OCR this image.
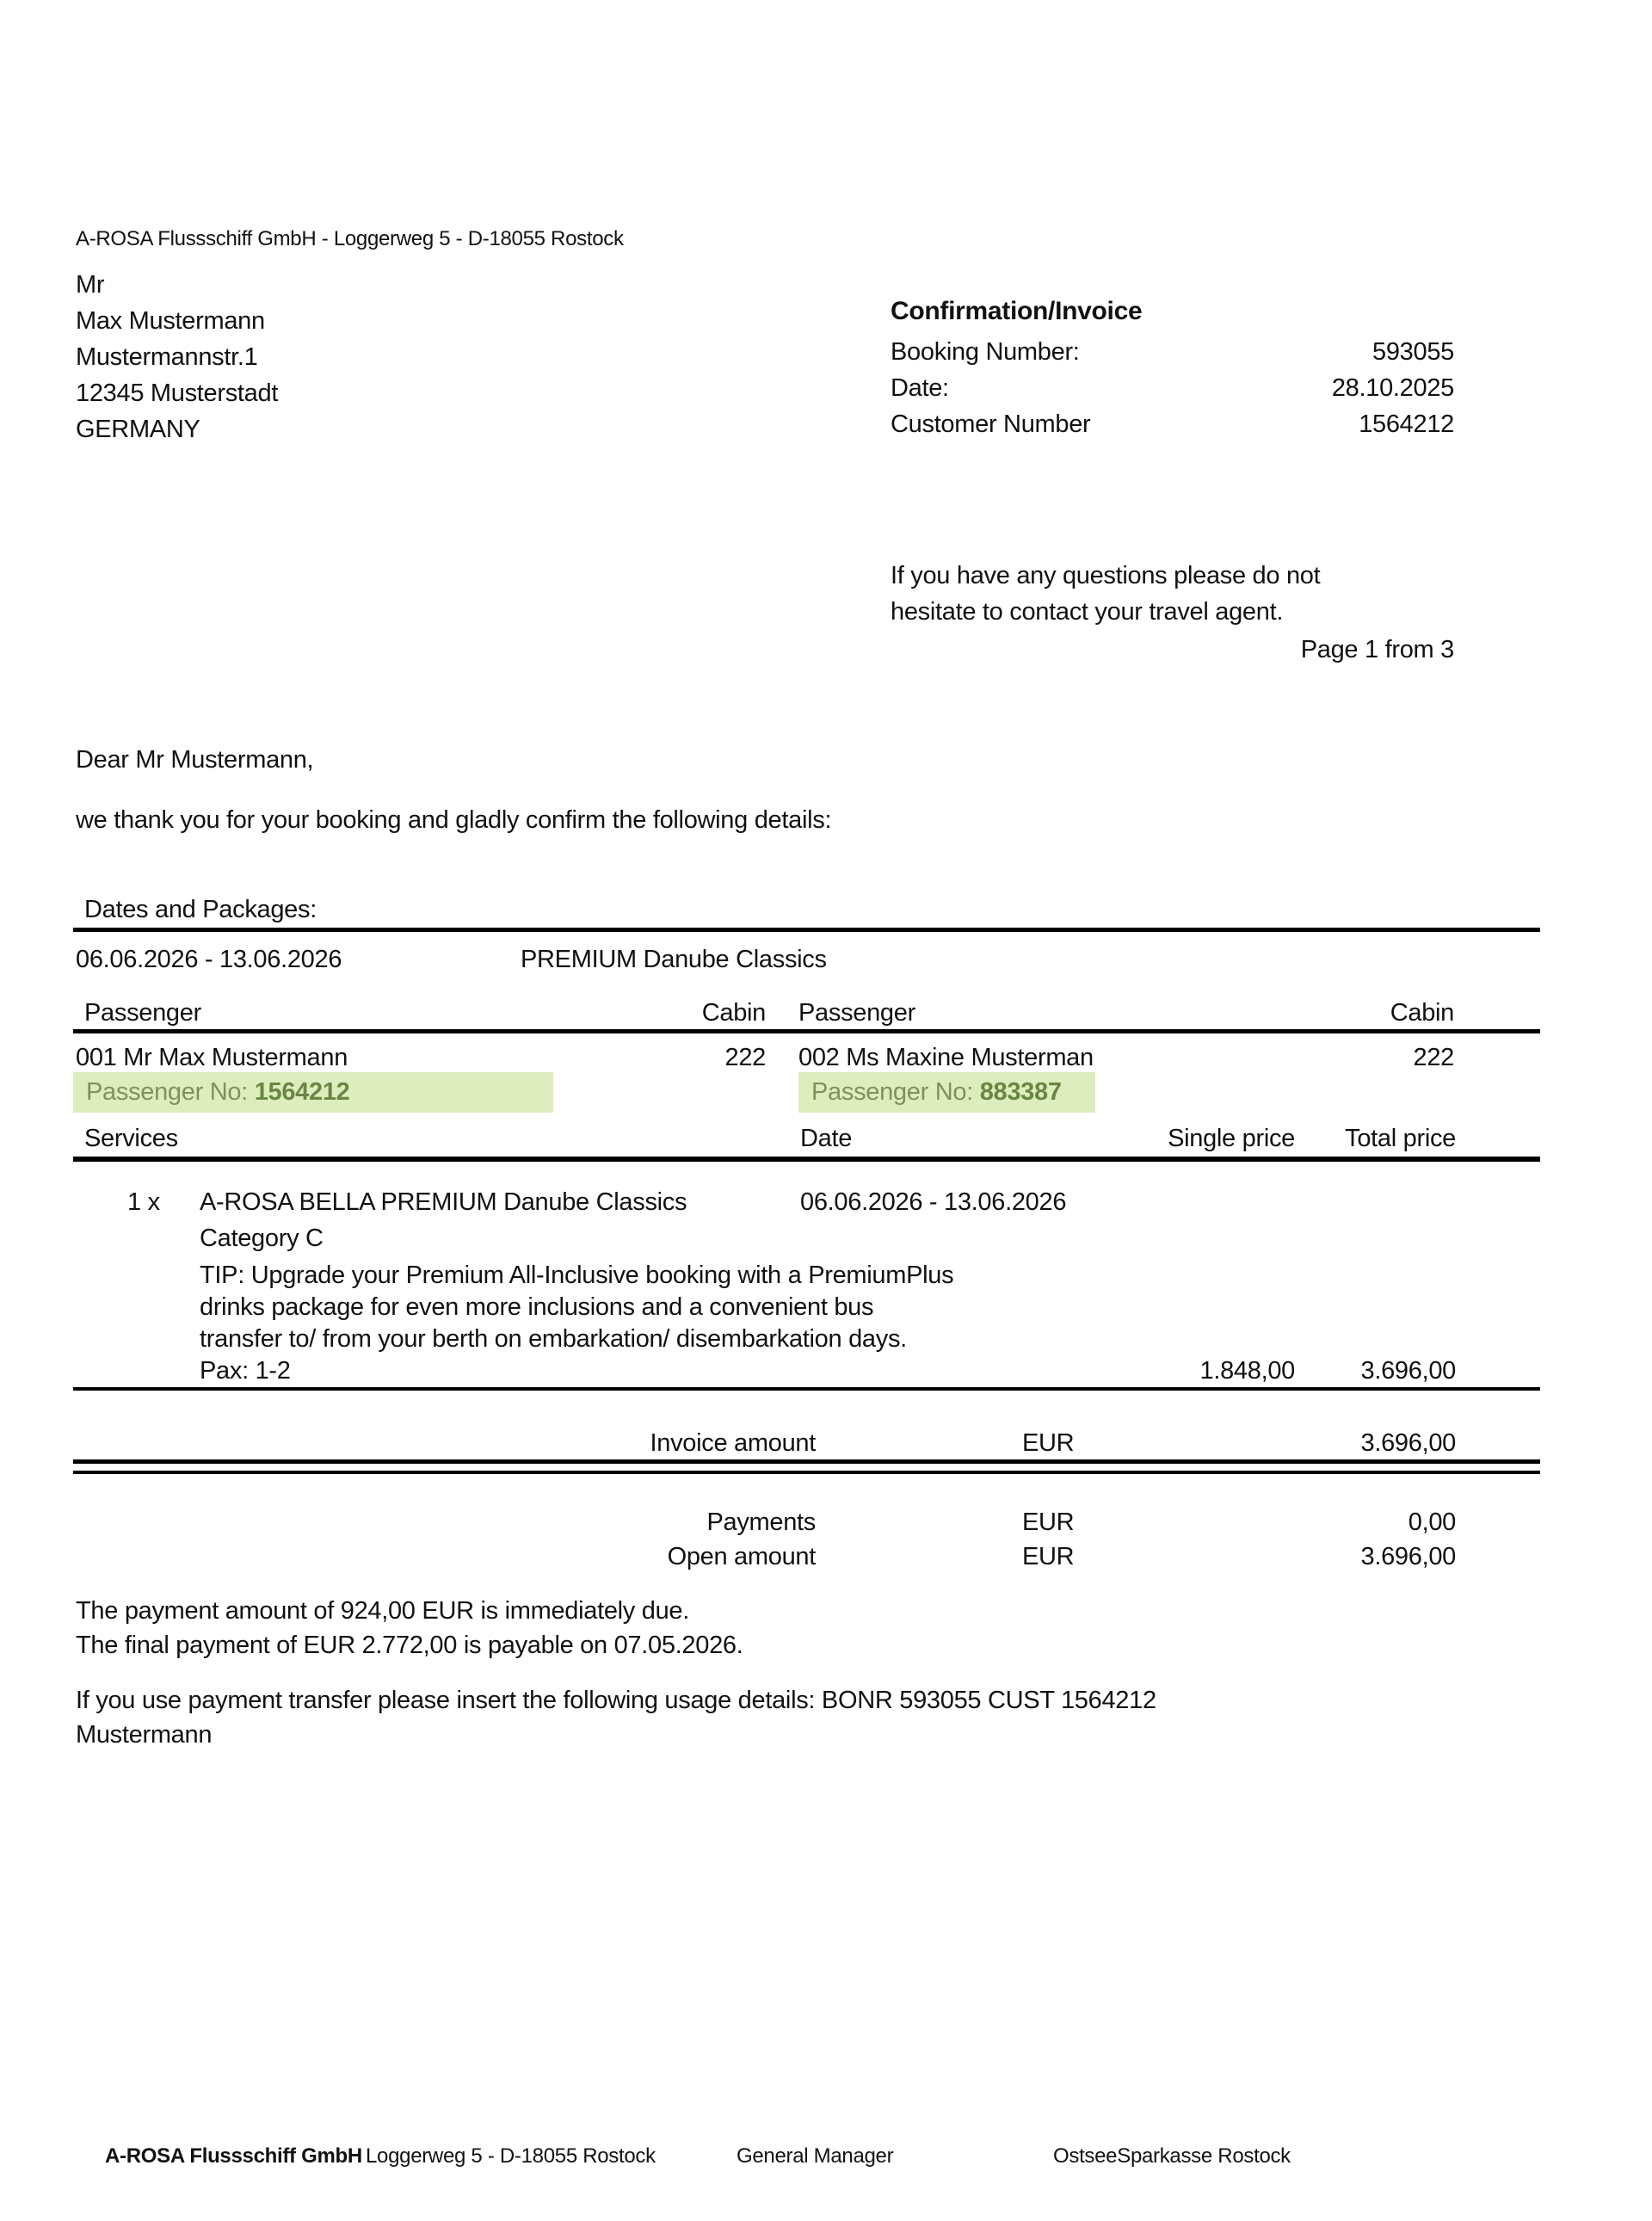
A-ROSA Flussschiff GmbH - Loggerweg 5 - D-18055 Rostock
Mr
Max Mustermann
Mustermannstr.1
12345 Musterstadt
GERMANY
Confirmation/Invoice
Booking Number:	593055
Date:	28.10.2025
Customer Number	1564212
If you have any questions please do not
hesitate to contact your travel agent.
Page 1 from 3
Dear Mr Mustermann,
we thank you for your booking and gladly confirm the following details:
Dates and Packages:
06.06.2026 - 13.06.2026	PREMIUM Danube Classics
Passenger	Cabin Passenger	Cabin
001 Mr Max Mustermann	222 002 Ms Maxine Musterman	222
Passenger No: 1564212	Passenger No: 883387
Services	Date	Single price Total price
1 x A-ROSA BELLA PREMIUM Danube Classics	06.06.2026 - 13.06.2026
Category C
TIP: Upgrade your Premium All-Inclusive booking with a PremiumPlus
drinks package for even more inclusions and a convenient bus
transfer to/ from your berth on embarkation/ disembarkation days.
Pax: 1-2	1.848,00	3.696,00
Invoice amount	EUR	3.696,00
Payments	EUR	0,00
Open amount	EUR	3.696,00
The payment amount of 924,00 EUR is immediately due.
The final payment of EUR 2.772,00 is payable on 07.05.2026.
If you use payment transfer please insert the following usage details: BONR 593055 CUST 1564212
Mustermann
A-ROSA Flussschiff GmbH Loggerweg 5 - D-18055 Rostock	General Manager	OstseeSparkasse Rostock
